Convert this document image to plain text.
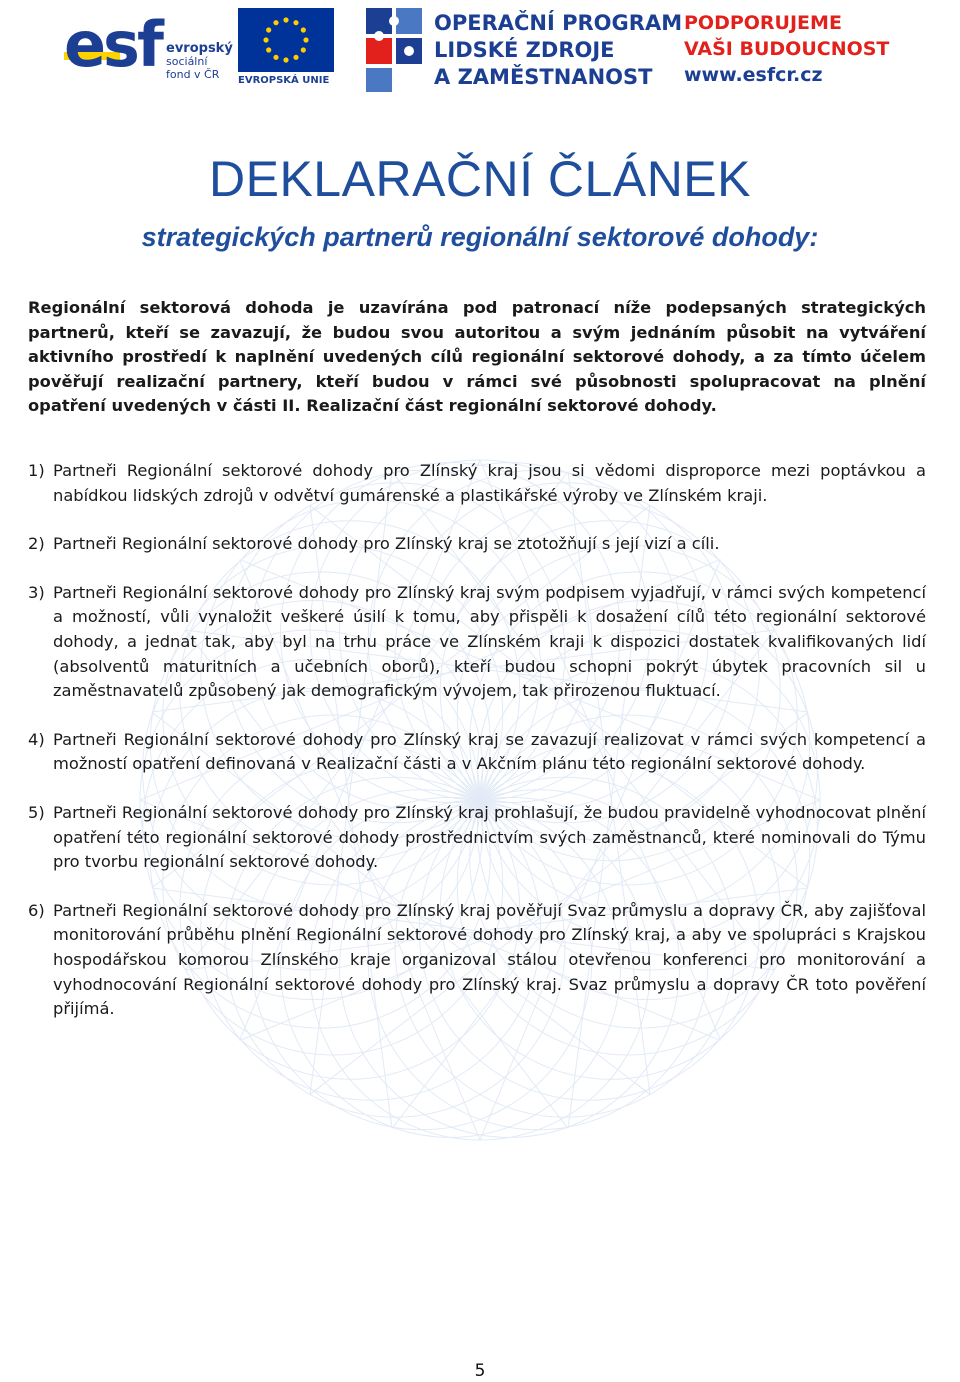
esf evropský
sociální
fond v ČR	EVROPSKÁ UNIE
OPERAČNÍ PROGRAM
LIDSKÉ ZDROJE
A ZAMĚSTNANOST
PODPORUJEME
VAŠI BUDOUCNOST
www.esfcr.cz
DEKLARAČNÍ ČLÁNEK
strategických partnerů regionální sektorové dohody:

Regionální sektorová dohoda je uzavírána pod patronací níže podepsaných strategických partnerů, kteří se zavazují, že budou svou autoritou a svým jednáním působit na vytváření aktivního prostředí k naplnění uvedených cílů regionální sektorové dohody, a za tímto účelem pověřují realizační partnery, kteří budou v rámci své působnosti spolupracovat na plnění opatření uvedených v části II. Realizační část regionální sektorové dohody.

1) Partneři Regionální sektorové dohody pro Zlínský kraj jsou si vědomi disproporce mezi poptávkou a nabídkou lidských zdrojů v odvětví gumárenské a plastikářské výroby ve Zlínském kraji.
2) Partneři Regionální sektorové dohody pro Zlínský kraj se ztotožňují s její vizí a cíli.
3) Partneři Regionální sektorové dohody pro Zlínský kraj svým podpisem vyjadřují, v rámci svých kompetencí a možností, vůli vynaložit veškeré úsilí k tomu, aby přispěli k dosažení cílů této regionální sektorové dohody, a jednat tak, aby byl na trhu práce ve Zlínském kraji k dispozici dostatek kvalifikovaných lidí (absolventů maturitních a učebních oborů), kteří budou schopni pokrýt úbytek pracovních sil u zaměstnavatelů způsobený jak demografickým vývojem, tak přirozenou fluktuací.
4) Partneři Regionální sektorové dohody pro Zlínský kraj se zavazují realizovat v rámci svých kompetencí a možností opatření definovaná v Realizační části a v Akčním plánu této regionální sektorové dohody.
5) Partneři Regionální sektorové dohody pro Zlínský kraj prohlašují, že budou pravidelně vyhodnocovat plnění opatření této regionální sektorové dohody prostřednictvím svých zaměstnanců, které nominovali do Týmu pro tvorbu regionální sektorové dohody.
6) Partneři Regionální sektorové dohody pro Zlínský kraj pověřují Svaz průmyslu a dopravy ČR, aby zajišťoval monitorování průběhu plnění Regionální sektorové dohody pro Zlínský kraj, a aby ve spolupráci s Krajskou hospodářskou komorou Zlínského kraje organizoval stálou otevřenou konferenci pro monitorování a vyhodnocování Regionální sektorové dohody pro Zlínský kraj. Svaz průmyslu a dopravy ČR toto pověření přijímá.
5
